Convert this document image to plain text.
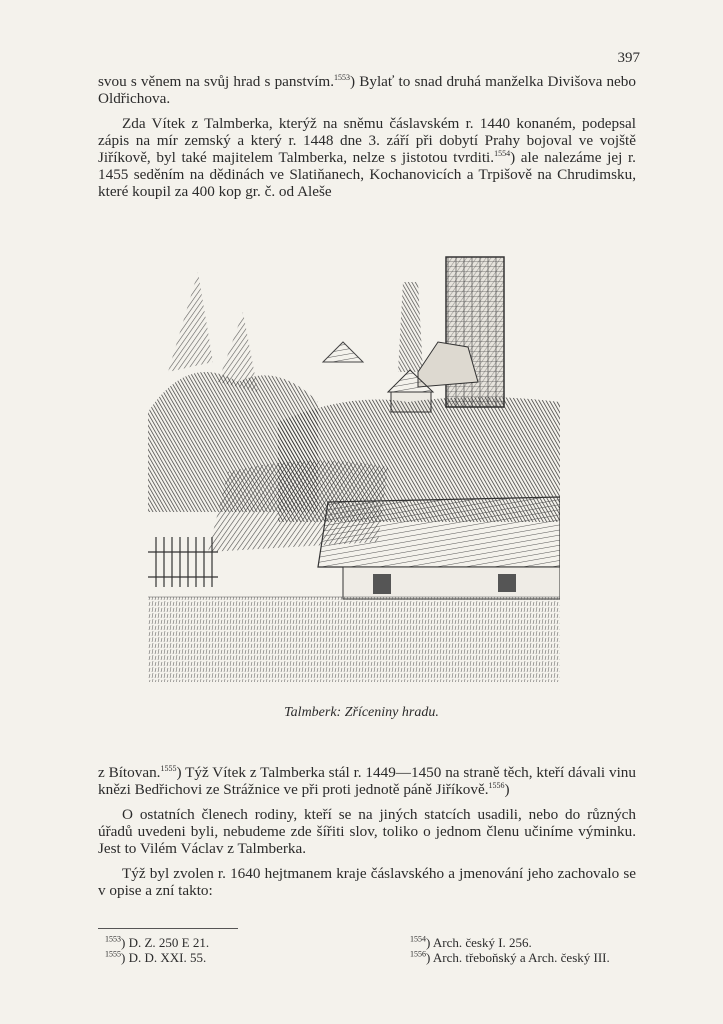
397

svou s věnem na svůj hrad s panstvím.$^{1553}$) Bylať to snad druhá manželka Divišova nebo Oldřichova.

Zda Vítek z Talmberka, kterýž na sněmu čáslavském r. 1440 konaném, podepsal zápis na mír zemský a který r. 1448 dne 3. září při dobytí Prahy bojoval ve vojště Jiříkově, byl také majitelem Talmberka, nelze s jistotou tvrditi.$^{1554}$) ale nalezáme jej r. 1455 seděním na dědinách ve Slatiňanech, Kochanovicích a Trpišově na Chrudimsku, které koupil za 400 kop gr. č. od Aleše

Talmberk: Zříceniny hradu.

z Bítovan.$^{1555}$) Týž Vítek z Talmberka stál r. 1449—1450 na straně těch, kteří dávali vinu knězi Bedřichovi ze Strážnice ve při proti jednotě páně Jiříkově.$^{1556}$)

O ostatních členech rodiny, kteří se na jiných statcích usadili, nebo do různých úřadů uvedeni byli, nebudeme zde šířiti slov, toliko o jednom členu učiníme výminku. Jest to Vilém Václav z Talmberka.

Týž byl zvolen r. 1640 hejtmanem kraje čáslavského a jmenování jeho zachovalo se v opise a zní takto:

$^{1553}$) D. Z. 250 E 21.

$^{1555}$) D. D. XXI. 55.

$^{1554}$) Arch. český I. 256.

$^{1556}$) Arch. třeboňský a Arch. český III.
